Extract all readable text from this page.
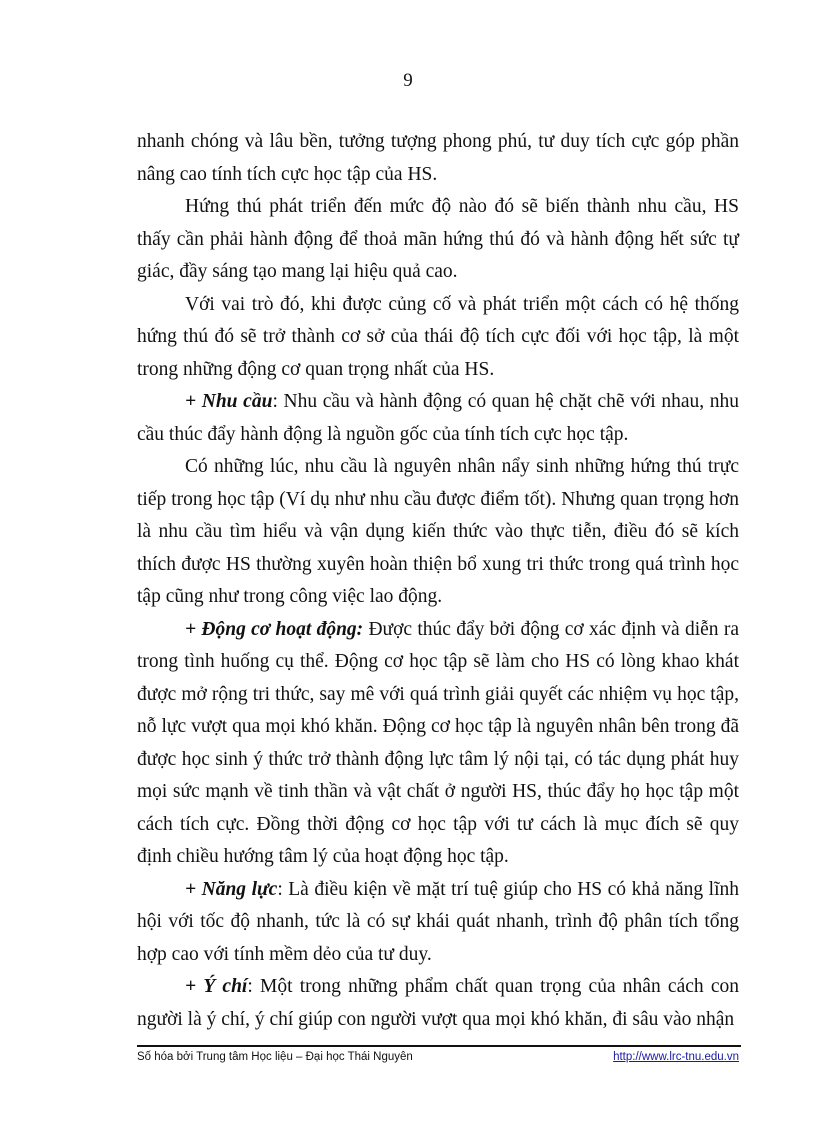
9

nhanh chóng và lâu bền, tưởng tượng phong phú, tư duy tích cực góp phần nâng cao tính tích cực học tập của HS.

Hứng thú phát triển đến mức độ nào đó sẽ biến thành nhu cầu, HS thấy cần phải hành động để thoả mãn hứng thú đó và hành động hết sức tự giác, đầy sáng tạo mang lại hiệu quả cao.

Với vai trò đó, khi được củng cố và phát triển một cách có hệ thống hứng thú đó sẽ trở thành cơ sở của thái độ tích cực đối với học tập, là một trong những động cơ quan trọng nhất của HS.

+ Nhu cầu: Nhu cầu và hành động có quan hệ chặt chẽ với nhau, nhu cầu thúc đẩy hành động là nguồn gốc của tính tích cực học tập.

Có những lúc, nhu cầu là nguyên nhân nẩy sinh những hứng thú trực tiếp trong học tập (Ví dụ như nhu cầu được điểm tốt). Nhưng quan trọng hơn là nhu cầu tìm hiểu và vận dụng kiến thức vào thực tiễn, điều đó sẽ kích thích được HS thường xuyên hoàn thiện bổ xung tri thức trong quá trình học tập cũng như trong công việc lao động.

+ Động cơ hoạt động: Được thúc đẩy bởi động cơ xác định và diễn ra trong tình huống cụ thể. Động cơ học tập sẽ làm cho HS có lòng khao khát được mở rộng tri thức, say mê với quá trình giải quyết các nhiệm vụ học tập, nỗ lực vượt qua mọi khó khăn. Động cơ học tập là nguyên nhân bên trong đã được học sinh ý thức trở thành động lực tâm lý nội tại, có tác dụng phát huy mọi sức mạnh về tinh thần và vật chất ở người HS, thúc đẩy họ học tập một cách tích cực. Đồng thời động cơ học tập với tư cách là mục đích sẽ quy định chiều hướng tâm lý của hoạt động học tập.

+ Năng lực: Là điều kiện về mặt trí tuệ giúp cho HS có khả năng lĩnh hội với tốc độ nhanh, tức là có sự khái quát nhanh, trình độ phân tích tổng hợp cao với tính mềm dẻo của tư duy.

+ Ý chí: Một trong những phẩm chất quan trọng của nhân cách con người là ý chí, ý chí giúp con người vượt qua mọi khó khăn, đi sâu vào nhận

Số hóa bởi Trung tâm Học liệu – Đại học Thái Nguyên	http://www.lrc-tnu.edu.vn
